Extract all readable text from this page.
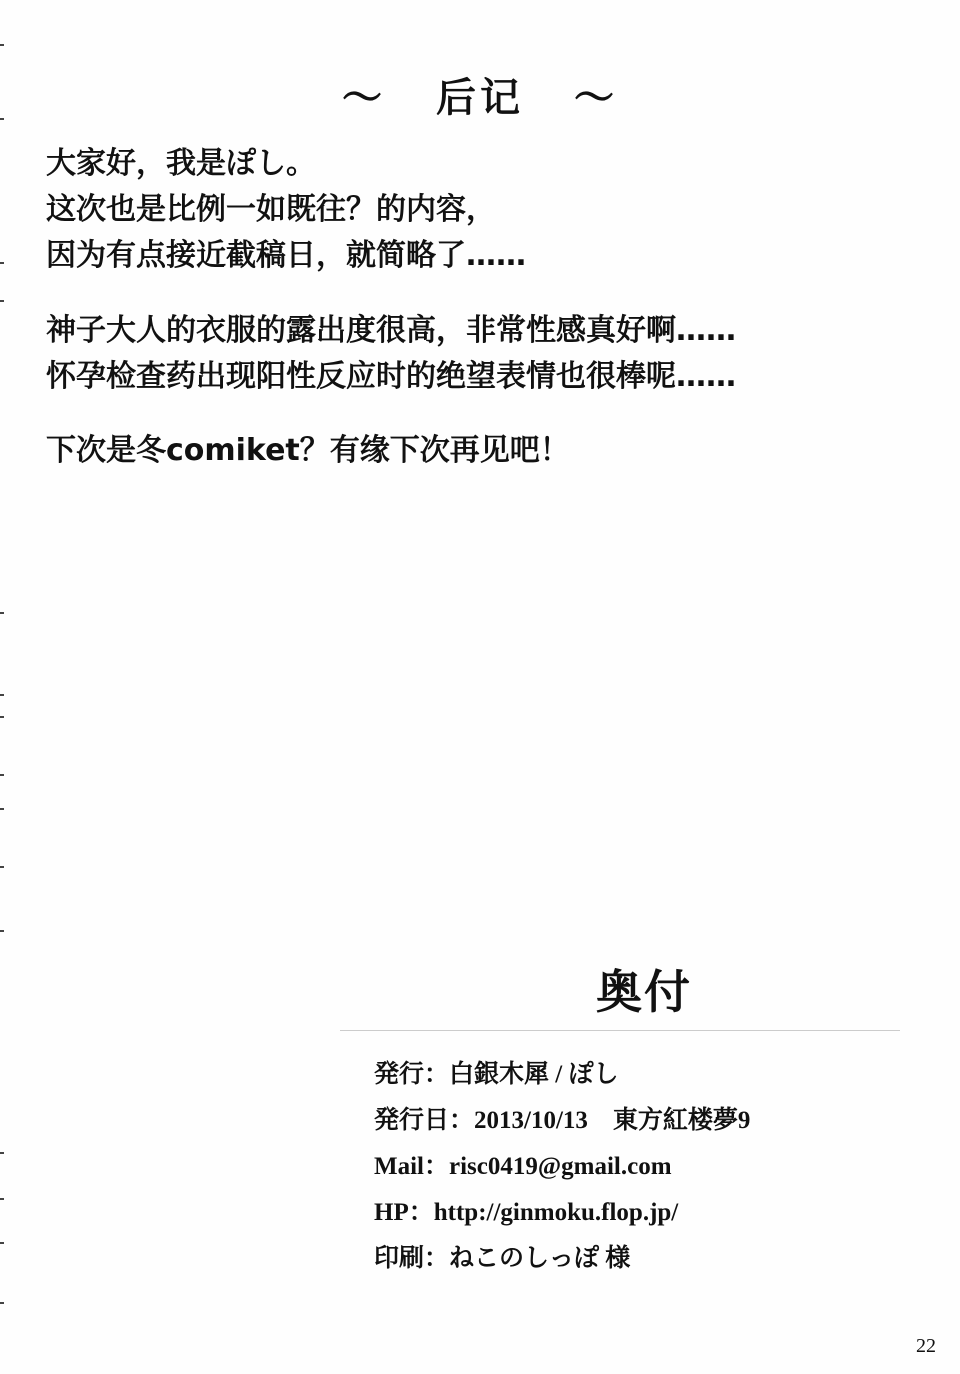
～ 后记 ～
大家好，我是ぽし。
这次也是比例一如既往？的内容，
因为有点接近截稿日，就简略了……
神子大人的衣服的露出度很高，非常性感真好啊……
怀孕检查药出现阳性反应时的绝望表情也很棒呢……
下次是冬comiket？有缘下次再见吧！
奥付
発行：白銀木犀 / ぽし
発行日：2013/10/13　東方紅楼夢9
Mail：risc0419@gmail.com
HP：http://ginmoku.flop.jp/
印刷：ねこのしっぽ 様
22
